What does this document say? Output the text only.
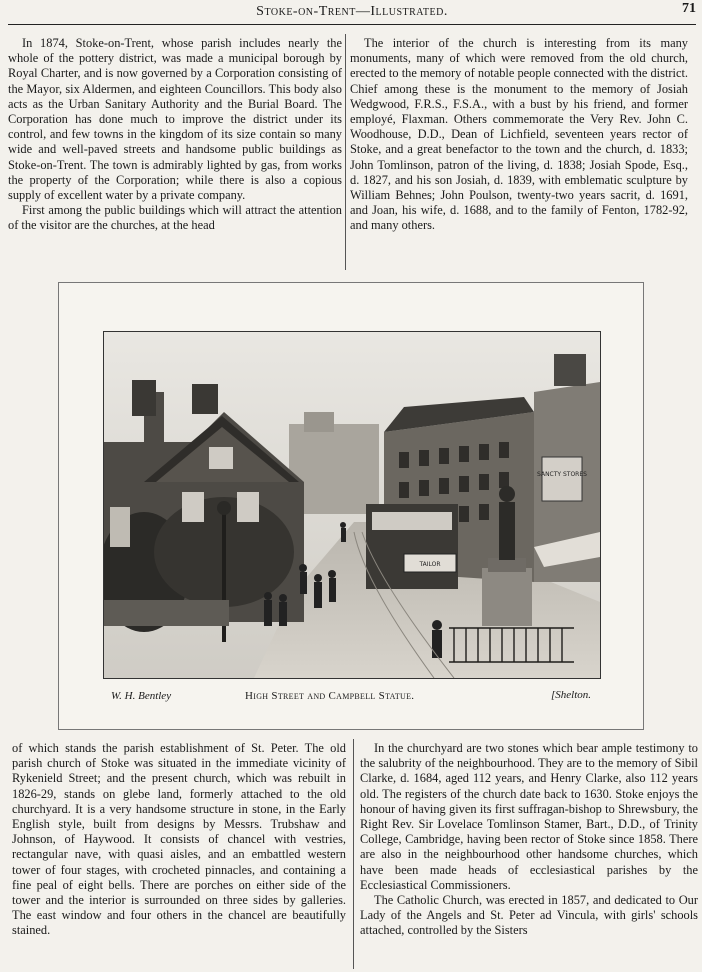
Stoke-on-Trent—Illustrated.	71

In 1874, Stoke-on-Trent, whose parish includes nearly the whole of the pottery district, was made a municipal borough by Royal Charter, and is now governed by a Corporation consisting of the Mayor, six Aldermen, and eighteen Councillors. This body also acts as the Urban Sanitary Authority and the Burial Board. The Corporation has done much to improve the district under its control, and few towns in the kingdom of its size contain so many wide and well-paved streets and handsome public buildings as Stoke-on-Trent. The town is admirably lighted by gas, from works the property of the Corporation; while there is also a copious supply of excellent water by a private company.

First among the public buildings which will attract the attention of the visitor are the churches, at the head

The interior of the church is interesting from its many monuments, many of which were removed from the old church, erected to the memory of notable people connected with the district. Chief among these is the monument to the memory of Josiah Wedgwood, F.R.S., F.S.A., with a bust by his friend, and former employé, Flaxman. Others commemorate the Very Rev. John C. Woodhouse, D.D., Dean of Lichfield, seventeen years rector of Stoke, and a great benefactor to the town and the church, d. 1833; John Tomlinson, patron of the living, d. 1838; Josiah Spode, Esq., d. 1827, and his son Josiah, d. 1839, with emblematic sculpture by William Behnes; John Poulson, twenty-two years sacrit, d. 1691, and Joan, his wife, d. 1688, and to the family of Fenton, 1782-92, and many others.

SANCTY STORES
TAILOR
W. H. Bentley	High Street and Campbell Statue.	[Shelton.

of which stands the parish establishment of St. Peter. The old parish church of Stoke was situated in the immediate vicinity of Rykenield Street; and the present church, which was rebuilt in 1826-29, stands on glebe land, formerly attached to the old churchyard. It is a very handsome structure in stone, in the Early English style, built from designs by Messrs. Trubshaw and Johnson, of Haywood. It consists of chancel with vestries, rectangular nave, with quasi aisles, and an embattled western tower of four stages, with crocheted pinnacles, and containing a fine peal of eight bells. There are porches on either side of the tower and the interior is surrounded on three sides by galleries. The east window and four others in the chancel are beautifully stained.

In the churchyard are two stones which bear ample testimony to the salubrity of the neighbourhood. They are to the memory of Sibil Clarke, d. 1684, aged 112 years, and Henry Clarke, also 112 years old. The registers of the church date back to 1630. Stoke enjoys the honour of having given its first suffragan-bishop to Shrewsbury, the Right Rev. Sir Lovelace Tomlinson Stamer, Bart., D.D., of Trinity College, Cambridge, having been rector of Stoke since 1858. There are also in the neighbourhood other handsome churches, which have been made heads of ecclesiastical parishes by the Ecclesiastical Commissioners.

The Catholic Church, was erected in 1857, and dedicated to Our Lady of the Angels and St. Peter ad Vincula, with girls' schools attached, controlled by the Sisters
